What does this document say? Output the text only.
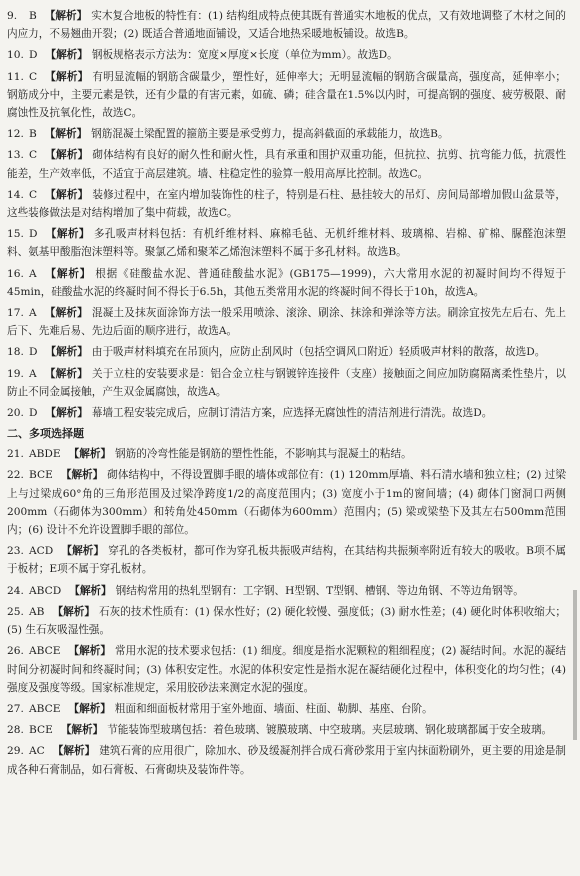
9. B 【解析】 实木复合地板的特性有：(1) 结构组成特点使其既有普通实木地板的优点，又有效地调整了木材之间的内应力，不易翘曲开裂；(2) 既适合普通地面铺设，又适合地热采暖地板铺设。故选B。

10. D 【解析】 钢板规格表示方法为：宽度×厚度×长度（单位为mm）。故选D。

11. C 【解析】 有明显流幅的钢筋含碳量少，塑性好，延伸率大；无明显流幅的钢筋含碳量高，强度高，延伸率小；钢筋成分中，主要元素是铁，还有少量的有害元素，如硫、磷；硅含量在1.5%以内时，可提高钢的强度、疲劳极限、耐腐蚀性及抗氧化性，故选C。

12. B 【解析】 钢筋混凝土梁配置的箍筋主要是承受剪力，提高斜截面的承载能力，故选B。

13. C 【解析】 砌体结构有良好的耐久性和耐火性，具有承重和围护双重功能，但抗拉、抗剪、抗弯能力低，抗震性能差，生产效率低，不适宜于高层建筑。墙、柱稳定性的验算一般用高厚比控制。故选C。

14. C 【解析】 装修过程中，在室内增加装饰性的柱子，特别是石柱、悬挂较大的吊灯、房间局部增加假山盆景等，这些装修做法是对结构增加了集中荷载，故选C。

15. D 【解析】 多孔吸声材料包括：有机纤维材料、麻棉毛毡、无机纤维材料、玻璃棉、岩棉、矿棉、脲醛泡沫塑料、氨基甲酸脂泡沫塑料等。聚氯乙烯和聚苯乙烯泡沫塑料不属于多孔材料。故选B。

16. A 【解析】 根据《硅酸盐水泥、普通硅酸盐水泥》(GB175—1999)，六大常用水泥的初凝时间均不得短于45min，硅酸盐水泥的终凝时间不得长于6.5h，其他五类常用水泥的终凝时间不得长于10h，故选A。

17. A 【解析】 混凝土及抹灰面涂饰方法一般采用喷涂、滚涂、刷涂、抹涂和弹涂等方法。刷涂宜按先左后右、先上后下、先难后易、先边后面的顺序进行，故选A。

18. D 【解析】 由于吸声材料填充在吊顶内，应防止刮风时（包括空调风口附近）轻质吸声材料的散落，故选D。

19. A 【解析】 关于立柱的安装要求是：铝合金立柱与钢镀锌连接件（支座）接触面之间应加防腐隔离柔性垫片，以防止不同金属接触，产生双金属腐蚀，故选A。

20. D 【解析】 幕墙工程安装完成后，应制订清洁方案，应选择无腐蚀性的清洁剂进行清洗。故选D。

二、多项选择题

21. ABDE 【解析】 钢筋的冷弯性能是钢筋的塑性性能，不影响其与混凝土的粘结。

22. BCE 【解析】 砌体结构中，不得设置脚手眼的墙体或部位有：(1) 120mm厚墙、料石清水墙和独立柱；(2) 过梁上与过梁成60°角的三角形范围及过梁净跨度1/2的高度范围内；(3) 宽度小于1m的窗间墙；(4) 砌体门窗洞口两侧200mm（石砌体为300mm）和转角处450mm（石砌体为600mm）范围内；(5) 梁或梁垫下及其左右500mm范围内；(6) 设计不允许设置脚手眼的部位。

23. ACD 【解析】 穿孔的各类板材，都可作为穿孔板共振吸声结构，在其结构共振频率附近有较大的吸收。B项不属于板材；E项不属于穿孔板材。

24. ABCD 【解析】 钢结构常用的热轧型钢有：工字钢、H型钢、T型钢、槽钢、等边角钢、不等边角钢等。

25. AB 【解析】 石灰的技术性质有：(1) 保水性好；(2) 硬化较慢、强度低；(3) 耐水性差；(4) 硬化时体积收缩大；(5) 生石灰吸湿性强。

26. ABCE 【解析】 常用水泥的技术要求包括：(1) 细度。细度是指水泥颗粒的粗细程度；(2) 凝结时间。水泥的凝结时间分初凝时间和终凝时间；(3) 体积安定性。水泥的体积安定性是指水泥在凝结硬化过程中，体积变化的均匀性；(4) 强度及强度等级。国家标准规定，采用胶砂法来测定水泥的强度。

27. ABCE 【解析】 粗面和细面板材常用于室外地面、墙面、柱面、勒脚、基座、台阶。

28. BCE 【解析】 节能装饰型玻璃包括：着色玻璃、镀膜玻璃、中空玻璃。夹层玻璃、钢化玻璃都属于安全玻璃。

29. AC 【解析】 建筑石膏的应用很广，除加水、砂及缓凝剂拌合成石膏砂浆用于室内抹面粉刷外，更主要的用途是制成各种石膏制品，如石膏板、石膏砌块及装饰件等。
